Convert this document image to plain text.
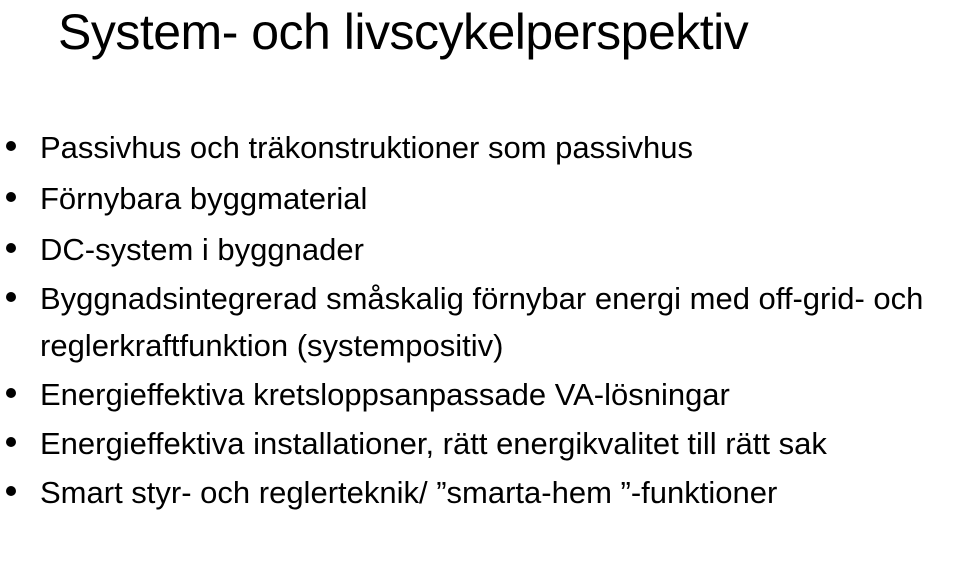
System- och livscykelperspektiv
Passivhus och träkonstruktioner som passivhus
Förnybara byggmaterial
DC-system i byggnader
Byggnadsintegrerad småskalig förnybar energi med off-grid- och reglerkraftfunktion (systempositiv)
Energieffektiva kretsloppsanpassade VA-lösningar
Energieffektiva installationer, rätt energikvalitet till rätt sak
Smart styr- och reglerteknik/ ”smarta-hem ”-funktioner
